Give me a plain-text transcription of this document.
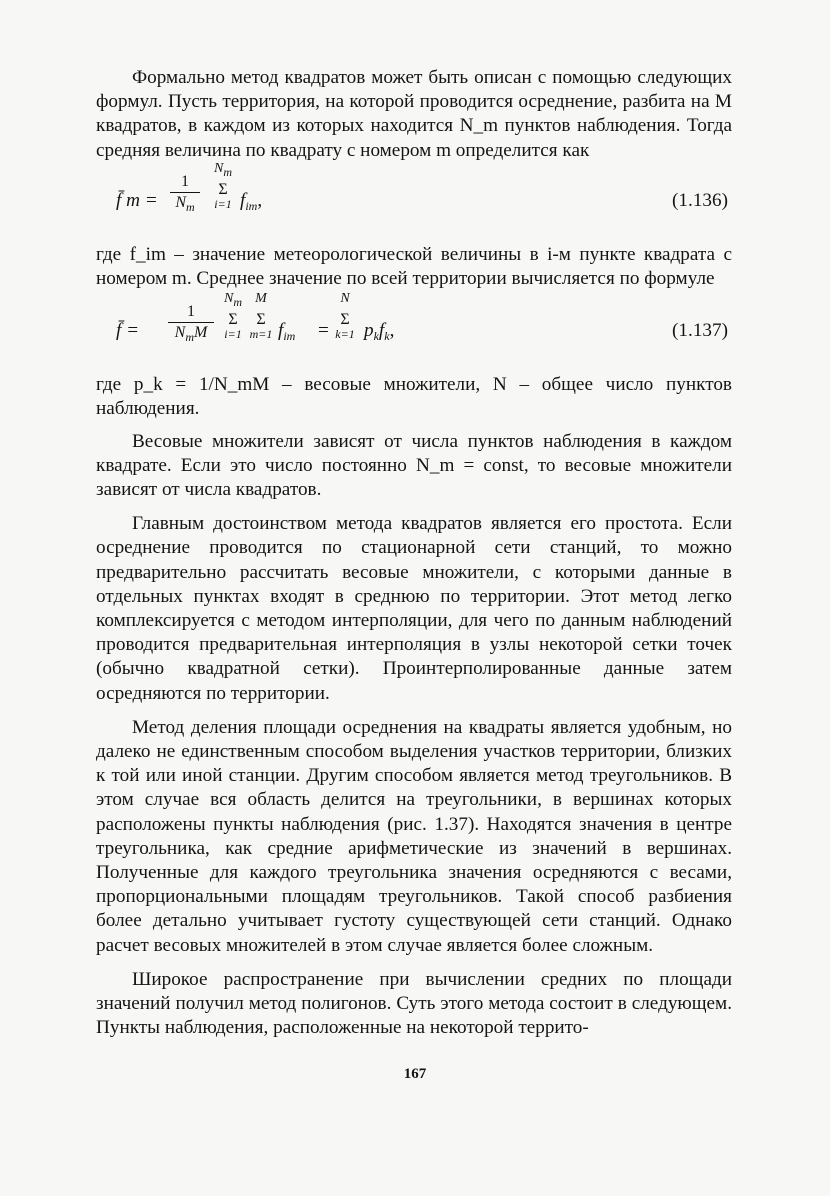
Формально метод квадратов может быть описан с помощью следующих формул. Пусть территория, на которой проводится осреднение, разбита на M квадратов, в каждом из которых находится N_m пунктов наблюдения. Тогда средняя величина по квадрату с номером m определится как

f̄ m =
1
$N_m$
$N_m$
Σ
i=1 $f_{im}$,	(1.136)

где f_im – значение метеорологической величины в i-м пункте квадрата с номером m. Среднее значение по всей территории вычисляется по формуле

f̄ =
1
$N_mM$
$N_m$
Σ
i=1
M
Σ
m=1 $f_{im}$ =
N
Σ
k=1 $p_kf_k$,	(1.137)

где p_k = 1/N_mM – весовые множители, N – общее число пунктов наблюдения.

Весовые множители зависят от числа пунктов наблюдения в каждом квадрате. Если это число постоянно N_m = const, то весовые множители зависят от числа квадратов.

Главным достоинством метода квадратов является его простота. Если осреднение проводится по стационарной сети станций, то можно предварительно рассчитать весовые множители, с которыми данные в отдельных пунктах входят в среднюю по территории. Этот метод легко комплексируется с методом интерполяции, для чего по данным наблюдений проводится предварительная интерполяция в узлы некоторой сетки точек (обычно квадратной сетки). Проинтерполированные данные затем осредняются по территории.

Метод деления площади осреднения на квадраты является удобным, но далеко не единственным способом выделения участков территории, близких к той или иной станции. Другим способом является метод треугольников. В этом случае вся область делится на треугольники, в вершинах которых расположены пункты наблюдения (рис. 1.37). Находятся значения в центре треугольника, как средние арифметические из значений в вершинах. Полученные для каждого треугольника значения осредняются с весами, пропорциональными площадям треугольников. Такой способ разбиения более детально учитывает густоту существующей сети станций. Однако расчет весовых множителей в этом случае является более сложным.

Широкое распространение при вычислении средних по площади значений получил метод полигонов. Суть этого метода состоит в следующем. Пункты наблюдения, расположенные на некоторой террито-

167
